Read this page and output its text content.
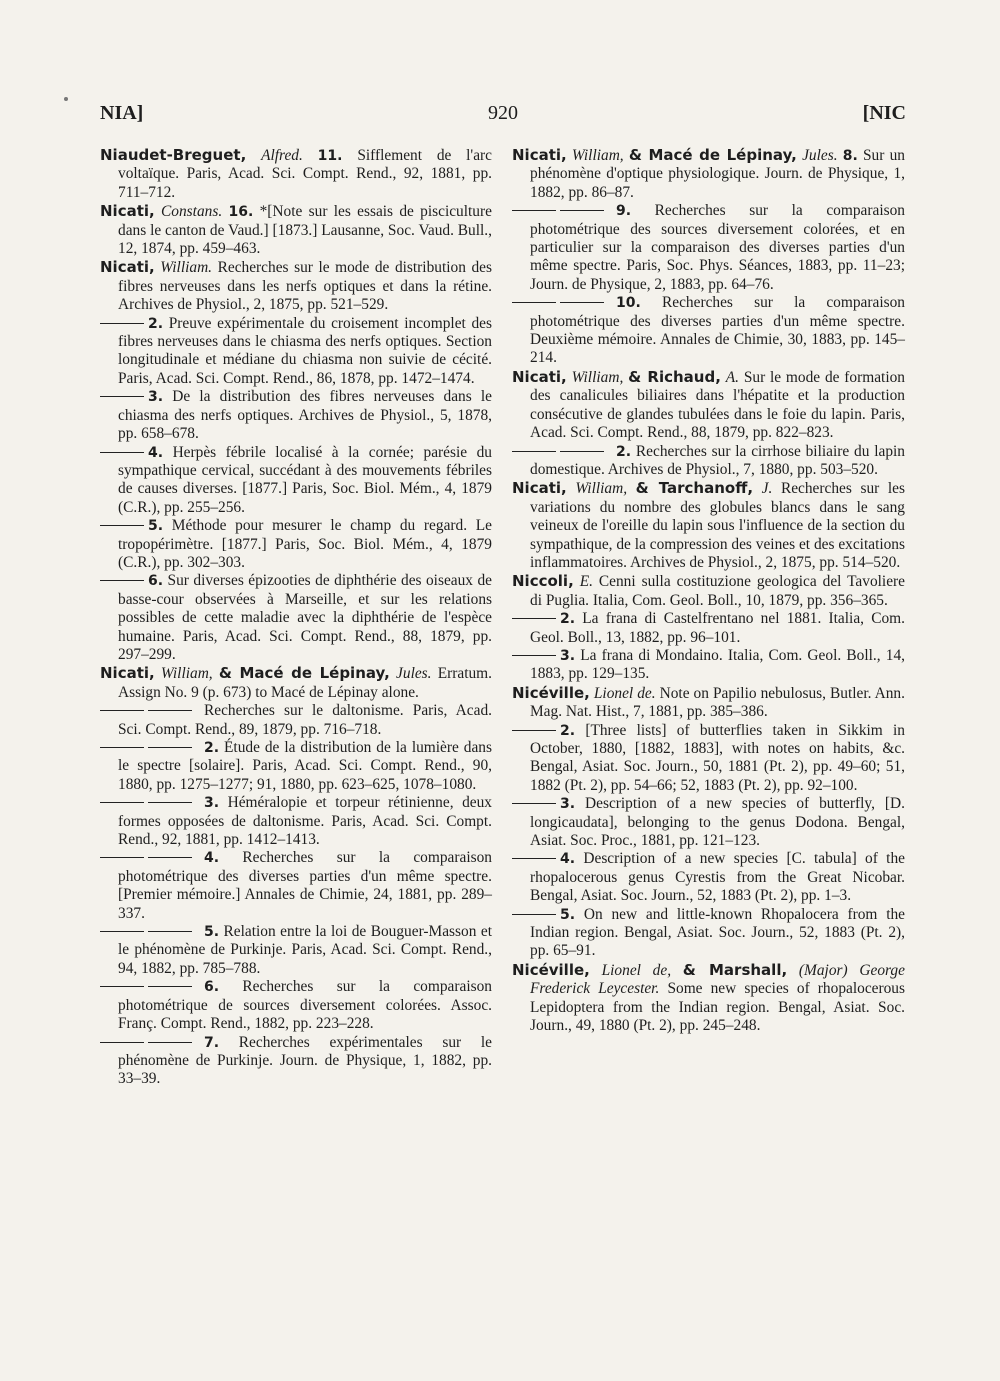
NIA]	920	[NIC

Niaudet-Breguet, Alfred. 11. Sifflement de l'arc voltaïque. Paris, Acad. Sci. Compt. Rend., 92, 1881, pp. 711–712.

Nicati, Constans. 16. *[Note sur les essais de pisciculture dans le canton de Vaud.] [1873.] Lausanne, Soc. Vaud. Bull., 12, 1874, pp. 459–463.

Nicati, William. Recherches sur le mode de distribution des fibres nerveuses dans les nerfs optiques et dans la rétine. Archives de Physiol., 2, 1875, pp. 521–529.

2. Preuve expérimentale du croisement incomplet des fibres nerveuses dans le chiasma des nerfs optiques. Section longitudinale et médiane du chiasma non suivie de cécité. Paris, Acad. Sci. Compt. Rend., 86, 1878, pp. 1472–1474.

3. De la distribution des fibres nerveuses dans le chiasma des nerfs optiques. Archives de Physiol., 5, 1878, pp. 658–678.

4. Herpès fébrile localisé à la cornée; parésie du sympathique cervical, succédant à des mouvements fébriles de causes diverses. [1877.] Paris, Soc. Biol. Mém., 4, 1879 (C.R.), pp. 255–256.

5. Méthode pour mesurer le champ du regard. Le tropopérimètre. [1877.] Paris, Soc. Biol. Mém., 4, 1879 (C.R.), pp. 302–303.

6. Sur diverses épizooties de diphthérie des oiseaux de basse-cour observées à Marseille, et sur les relations possibles de cette maladie avec la diphthérie de l'espèce humaine. Paris, Acad. Sci. Compt. Rend., 88, 1879, pp. 297–299.

Nicati, William, & Macé de Lépinay, Jules. Erratum. Assign No. 9 (p. 673) to Macé de Lépinay alone.

Recherches sur le daltonisme. Paris, Acad. Sci. Compt. Rend., 89, 1879, pp. 716–718.

2. Étude de la distribution de la lumière dans le spectre [solaire]. Paris, Acad. Sci. Compt. Rend., 90, 1880, pp. 1275–1277; 91, 1880, pp. 623–625, 1078–1080.

3. Héméralopie et torpeur rétinienne, deux formes opposées de daltonisme. Paris, Acad. Sci. Compt. Rend., 92, 1881, pp. 1412–1413.

4. Recherches sur la comparaison photométrique des diverses parties d'un même spectre. [Premier mémoire.] Annales de Chimie, 24, 1881, pp. 289–337.

5. Relation entre la loi de Bouguer-Masson et le phénomène de Purkinje. Paris, Acad. Sci. Compt. Rend., 94, 1882, pp. 785–788.

6. Recherches sur la comparaison photométrique de sources diversement colorées. Assoc. Franç. Compt. Rend., 1882, pp. 223–228.

7. Recherches expérimentales sur le phénomène de Purkinje. Journ. de Physique, 1, 1882, pp. 33–39.

Nicati, William, & Macé de Lépinay, Jules. 8. Sur un phénomène d'optique physiologique. Journ. de Physique, 1, 1882, pp. 86–87.

9. Recherches sur la comparaison photométrique des sources diversement colorées, et en particulier sur la comparaison des diverses parties d'un même spectre. Paris, Soc. Phys. Séances, 1883, pp. 11–23; Journ. de Physique, 2, 1883, pp. 64–76.

10. Recherches sur la comparaison photométrique des diverses parties d'un même spectre. Deuxième mémoire. Annales de Chimie, 30, 1883, pp. 145–214.

Nicati, William, & Richaud, A. Sur le mode de formation des canalicules biliaires dans l'hépatite et la production consécutive de glandes tubulées dans le foie du lapin. Paris, Acad. Sci. Compt. Rend., 88, 1879, pp. 822–823.

2. Recherches sur la cirrhose biliaire du lapin domestique. Archives de Physiol., 7, 1880, pp. 503–520.

Nicati, William, & Tarchanoff, J. Recherches sur les variations du nombre des globules blancs dans le sang veineux de l'oreille du lapin sous l'influence de la section du sympathique, de la compression des veines et des excitations inflammatoires. Archives de Physiol., 2, 1875, pp. 514–520.

Niccoli, E. Cenni sulla costituzione geologica del Tavoliere di Puglia. Italia, Com. Geol. Boll., 10, 1879, pp. 356–365.

2. La frana di Castelfrentano nel 1881. Italia, Com. Geol. Boll., 13, 1882, pp. 96–101.

3. La frana di Mondaino. Italia, Com. Geol. Boll., 14, 1883, pp. 129–135.

Nicéville, Lionel de. Note on Papilio nebulosus, Butler. Ann. Mag. Nat. Hist., 7, 1881, pp. 385–386.

2. [Three lists] of butterflies taken in Sikkim in October, 1880, [1882, 1883], with notes on habits, &c. Bengal, Asiat. Soc. Journ., 50, 1881 (Pt. 2), pp. 49–60; 51, 1882 (Pt. 2), pp. 54–66; 52, 1883 (Pt. 2), pp. 92–100.

3. Description of a new species of butterfly, [D. longicaudata], belonging to the genus Dodona. Bengal, Asiat. Soc. Proc., 1881, pp. 121–123.

4. Description of a new species [C. tabula] of the rhopalocerous genus Cyrestis from the Great Nicobar. Bengal, Asiat. Soc. Journ., 52, 1883 (Pt. 2), pp. 1–3.

5. On new and little-known Rhopalocera from the Indian region. Bengal, Asiat. Soc. Journ., 52, 1883 (Pt. 2), pp. 65–91.

Nicéville, Lionel de, & Marshall, (Major) George Frederick Leycester. Some new species of rhopalocerous Lepidoptera from the Indian region. Bengal, Asiat. Soc. Journ., 49, 1880 (Pt. 2), pp. 245–248.
